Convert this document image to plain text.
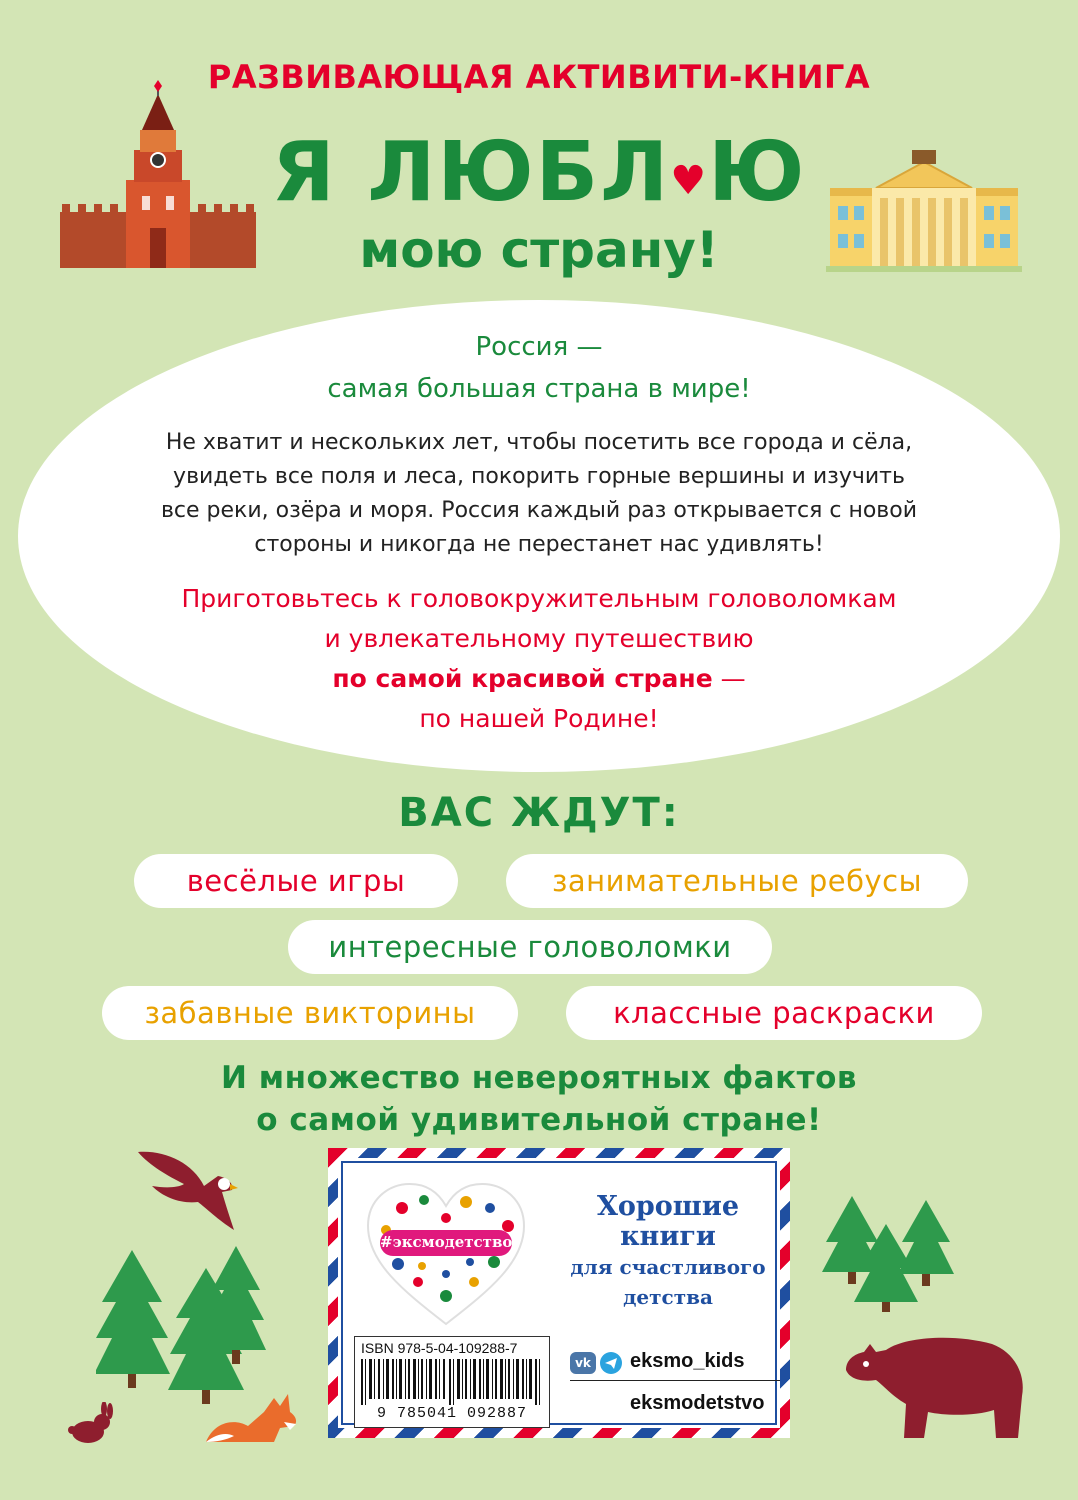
РАЗВИВАЮЩАЯ АКТИВИТИ-КНИГА
Я ЛЮБЛ♥Ю
мою страну!
Россия —
самая большая страна в мире!
Не хватит и нескольких лет, чтобы посетить все города и сёла,
увидеть все поля и леса, покорить горные вершины и изучить
все реки, озёра и моря. Россия каждый раз открывается с новой
стороны и никогда не перестанет нас удивлять!
Приготовьтесь к головокружительным головоломкам
и увлекательному путешествию
по самой красивой стране —
по нашей Родине!
ВАС ЖДУТ:
весёлые игры	занимательные ребусы
интересные головоломки
забавные викторины	классные раскраски
И множество невероятных фактов
о самой удивительной стране!
#эксмодетство
Хорошие
книги
для счастливого
детства
ISBN 978-5-04-109288-7
9 785041 092887
vk eksmo_kids
eksmodetstvo
